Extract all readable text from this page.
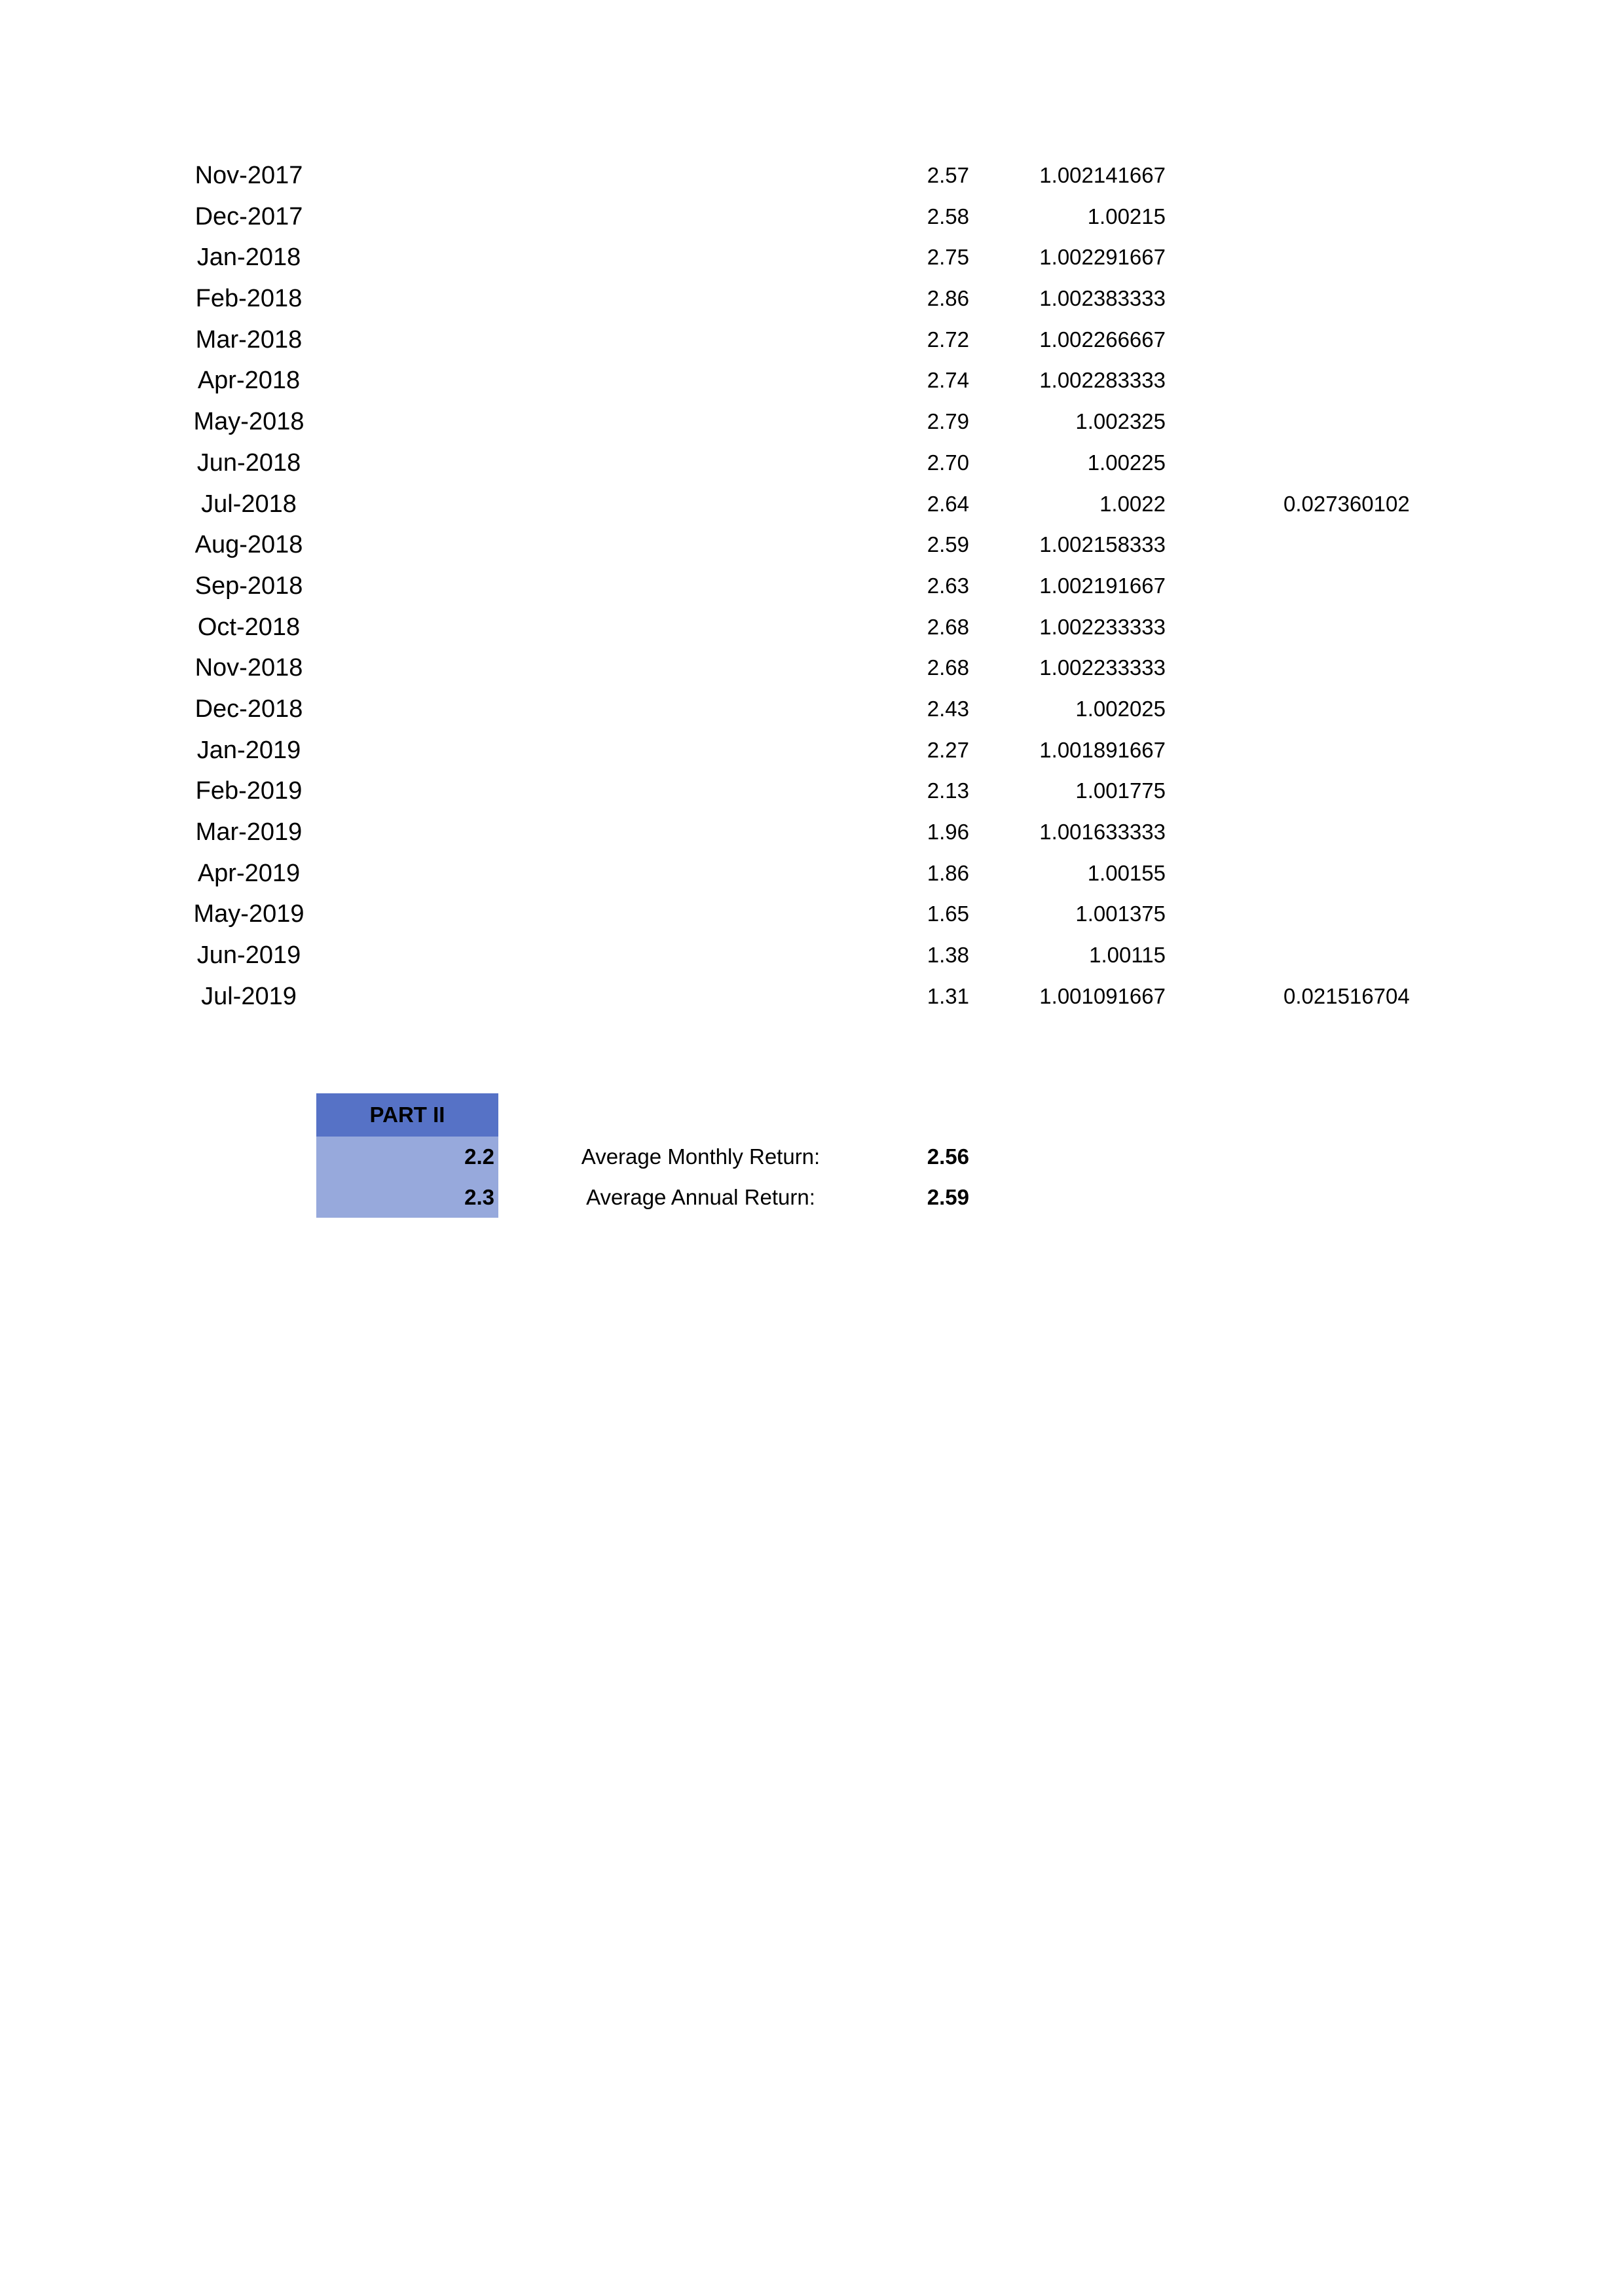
Nov-2017	2.57	1.002141667
Dec-2017	2.58	1.00215
Jan-2018	2.75	1.002291667
Feb-2018	2.86	1.002383333
Mar-2018	2.72	1.002266667
Apr-2018	2.74	1.002283333
May-2018	2.79	1.002325
Jun-2018	2.70	1.00225
Jul-2018	2.64	1.0022	0.027360102
Aug-2018	2.59	1.002158333
Sep-2018	2.63	1.002191667
Oct-2018	2.68	1.002233333
Nov-2018	2.68	1.002233333
Dec-2018	2.43	1.002025
Jan-2019	2.27	1.001891667
Feb-2019	2.13	1.001775
Mar-2019	1.96	1.001633333
Apr-2019	1.86	1.00155
May-2019	1.65	1.001375
Jun-2019	1.38	1.00115
Jul-2019	1.31	1.001091667	0.021516704
PART II
2.2	Average Monthly Return:	2.56
2.3	Average Annual Return:	2.59
